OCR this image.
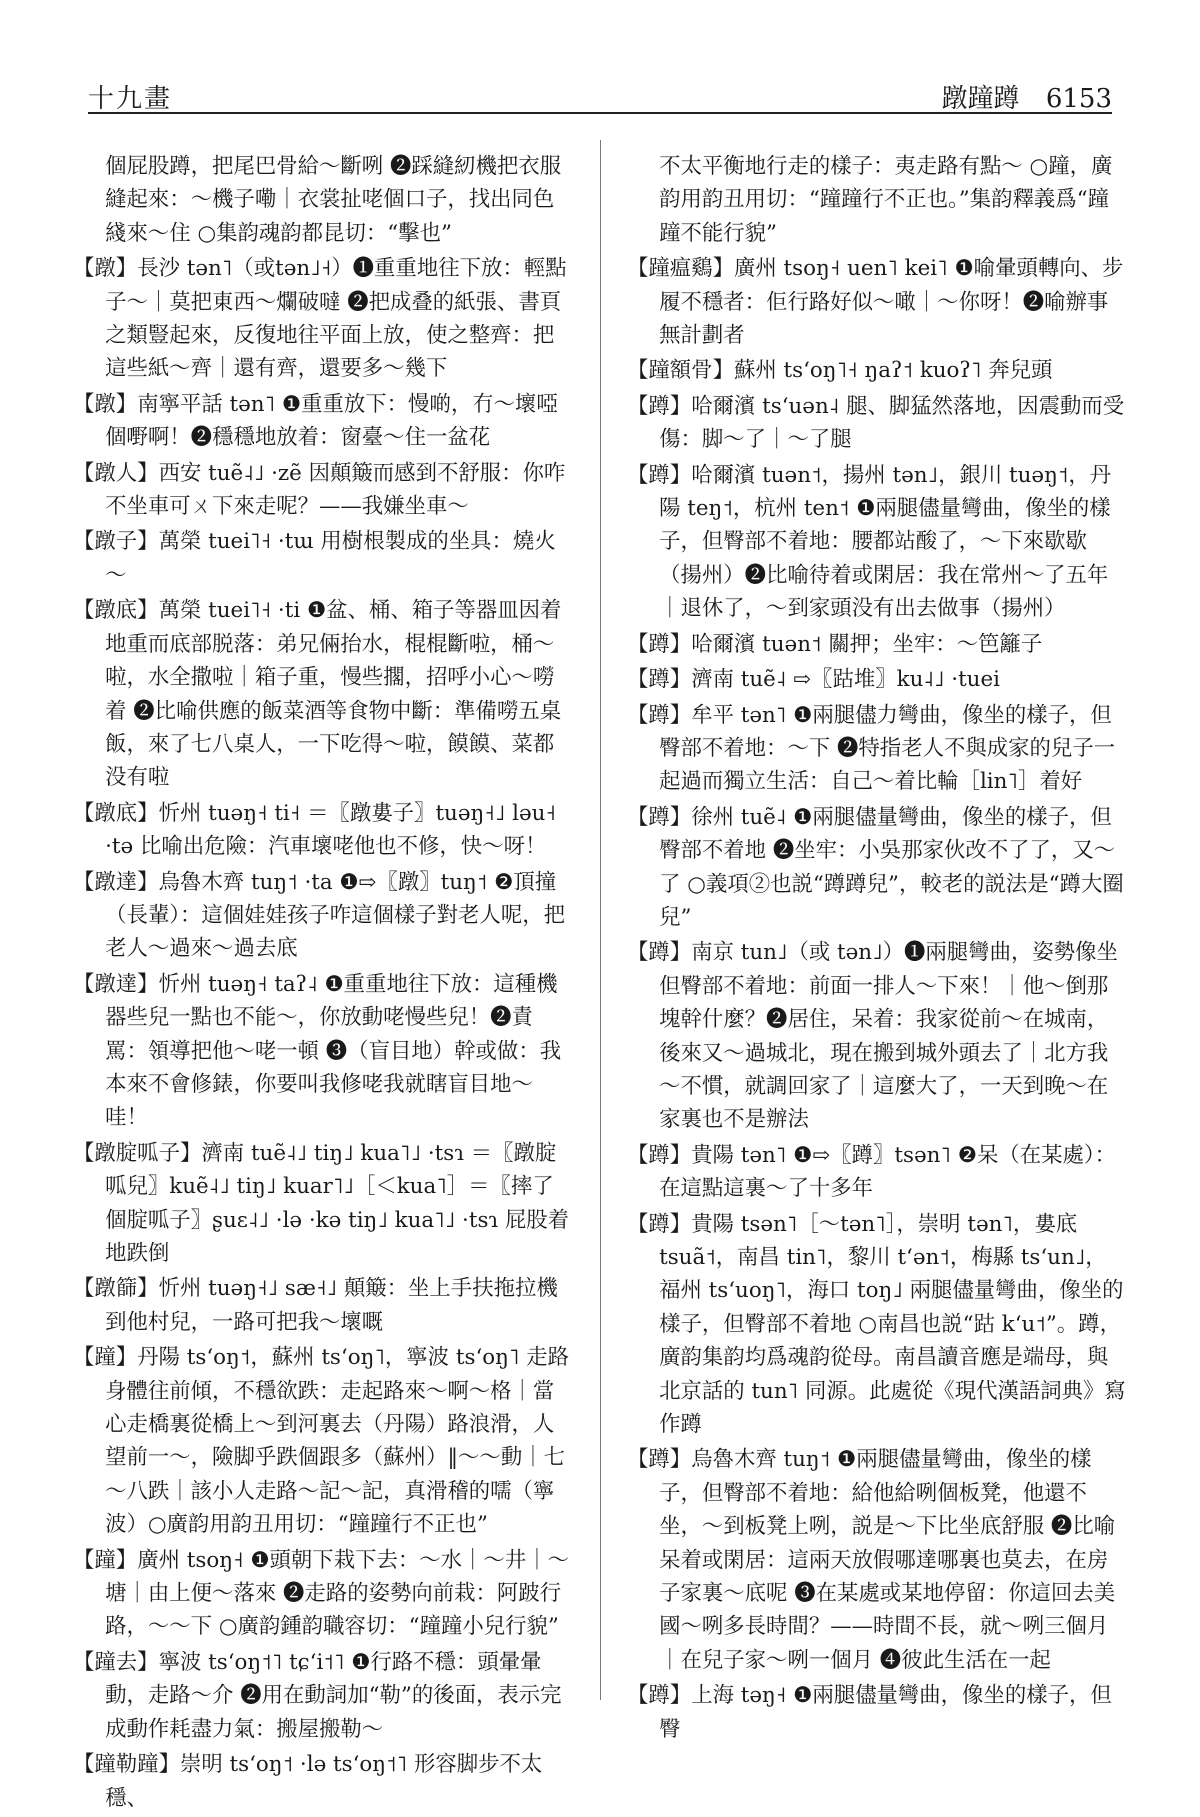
十九畫	蹾蹱蹲 6153

個屁股蹲，把尾巴骨給～斷咧 ❷踩縫紉機把衣服縫起來：～機子嘞｜衣裳扯咾個口子，找出同色綫來～住 ○集韵魂韵都昆切：“擊也”

【蹾】長沙 tən˥（或tən˩˧）❶重重地往下放：輕點子～｜莫把東西～爛破噠 ❷把成叠的紙張、書頁之類豎起來，反復地往平面上放，使之整齊：把這些紙～齊｜還有齊，還要多～幾下

【蹾】南寧平話 tən˥ ❶重重放下：慢啲，冇～壞啞個嘢啊！❷穩穩地放着：窗臺～住一盆花

【蹾人】西安 tuẽ˨˩ ·zẽ 因顛簸而感到不舒服：你咋不坐車可ㄨ下來走呢？——我嫌坐車～

【蹾子】萬榮 tuei˥˧ ·tɯ 用樹根製成的坐具：燒火～

【蹾底】萬榮 tuei˥˧ ·ti ❶盆、桶、箱子等器皿因着地重而底部脱落：弟兄倆抬水，棍棍斷啦，桶～啦，水全撒啦｜箱子重，慢些擱，招呼小心～嘮着 ❷比喻供應的飯菜酒等食物中斷：準備嘮五桌飯，來了七八桌人，一下吃得～啦，饃饃、菜都没有啦

【蹾底】忻州 tuəŋ˧ ti˧ ＝〖蹾婁子〗tuəŋ˧˩ ləu˧ ·tə 比喻出危險：汽車壞咾他也不修，快～呀！

【蹾達】烏魯木齊 tuŋ˦ ·ta ❶⇨〖蹾〗tuŋ˦ ❷頂撞（長輩）：這個娃娃孩子咋這個樣子對老人呢，把老人～過來～過去底

【蹾達】忻州 tuəŋ˧ taʔ˨ ❶重重地往下放：這種機器些兒一點也不能～，你放動咾慢些兒！❷責罵：領導把他～咾一頓 ❸（盲目地）幹或做：我本來不會修錶，你要叫我修咾我就瞎盲目地～哇！

【蹾腚呱子】濟南 tuẽ˨˩ tiŋ˩ kua˥˩ ·tsɿ ＝〖蹾腚呱兒〗kuẽ˨˩ tiŋ˩ kuar˥˩［＜kua˥］＝〖摔了個腚呱子〗ʂuɛ˨˩ ·lə ·kə tiŋ˩ kua˥˩ ·tsɿ 屁股着地跌倒

【蹾篩】忻州 tuəŋ˧˩ sæ˧˩ 顛簸：坐上手扶拖拉機到他村兒，一路可把我～壞嘅

【蹱】丹陽 tsʻoŋ˦，蘇州 tsʻoŋ˥，寧波 tsʻoŋ˥ 走路身體往前傾，不穩欲跌：走起路來～啊～格｜當心走橋裏從橋上～到河裏去（丹陽）路浪滑，人望前一～，險脚乎跌個跟多（蘇州）‖～～動｜七～八跌｜該小人走路～記～記，真滑稽的嚅（寧波）○廣韵用韵丑用切：“蹱蹱行不正也”

【蹱】廣州 tsoŋ˧ ❶頭朝下栽下去：～水｜～井｜～塘｜由上便～落來 ❷走路的姿勢向前栽：阿跛行路，～～下 ○廣韵鍾韵職容切：“蹱蹱小兒行貌”

【蹱去】寧波 tsʻoŋ˦˥ tɕʻi˦˥ ❶行路不穩：頭暈暈動，走路～介 ❷用在動詞加“勒”的後面，表示完成動作耗盡力氣：搬屋搬勒～

【蹱勒蹱】崇明 tsʻoŋ˦ ·lə tsʻoŋ˦˥ 形容脚步不太穩、

不太平衡地行走的樣子：夷走路有點～ ○蹱，廣韵用韵丑用切：“蹱蹱行不正也。”集韵釋義爲“蹱蹱不能行貌”

【蹱瘟鷄】廣州 tsoŋ˧ uen˥ kei˥ ❶喻暈頭轉向、步履不穩者：佢行路好似～噉｜～你呀！❷喻辦事無計劃者

【蹱額骨】蘇州 tsʻoŋ˥˧ ŋaʔ˦ kuoʔ˥ 奔兒頭

【蹲】哈爾濱 tsʻuən˨ 腿、脚猛然落地，因震動而受傷：脚～了｜～了腿

【蹲】哈爾濱 tuən˦，揚州 tən˩，銀川 tuəŋ˦，丹陽 teŋ˦，杭州 ten˦ ❶兩腿儘量彎曲，像坐的樣子，但臀部不着地：腰都站酸了，～下來歇歇（揚州）❷比喻待着或閑居：我在常州～了五年｜退休了，～到家頭没有出去做事（揚州）

【蹲】哈爾濱 tuən˦ 關押；坐牢：～笆籬子

【蹲】濟南 tuẽ˨ ⇨〖跍堆〗ku˨˩ ·tuei

【蹲】牟平 tən˥ ❶兩腿儘力彎曲，像坐的樣子，但臀部不着地：～下 ❷特指老人不與成家的兒子一起過而獨立生活：自己～着比輪［lin˥］着好

【蹲】徐州 tuẽ˨ ❶兩腿儘量彎曲，像坐的樣子，但臀部不着地 ❷坐牢：小吳那家伙改不了了，又～了 ○義項②也説“蹲蹲兒”，較老的説法是“蹲大圈兒”

【蹲】南京 tun˩（或 tən˩）❶兩腿彎曲，姿勢像坐但臀部不着地：前面一排人～下來！｜他～倒那塊幹什麼？❷居住，呆着：我家從前～在城南，後來又～過城北，現在搬到城外頭去了｜北方我～不慣，就調回家了｜這麼大了，一天到晚～在家裏也不是辦法

【蹲】貴陽 tən˥ ❶⇨〖蹲〗tsən˥ ❷呆（在某處）：在這點這裏～了十多年

【蹲】貴陽 tsən˥［～tən˥］，崇明 tən˥，婁底 tsuã˦，南昌 tin˥，黎川 tʻən˦，梅縣 tsʻun˩，福州 tsʻuoŋ˥，海口 toŋ˩ 兩腿儘量彎曲，像坐的樣子，但臀部不着地 ○南昌也説“跍 kʻu˦”。蹲，廣韵集韵均爲魂韵從母。南昌讀音應是端母，與北京話的 tun˥ 同源。此處從《現代漢語詞典》寫作蹲

【蹲】烏魯木齊 tuŋ˦ ❶兩腿儘量彎曲，像坐的樣子，但臀部不着地：給他給咧個板凳，他還不坐，～到板凳上咧，説是～下比坐底舒服 ❷比喻呆着或閑居：這兩天放假哪達哪裏也莫去，在房子家裏～底呢 ❸在某處或某地停留：你這回去美國～咧多長時間？——時間不長，就～咧三個月｜在兒子家～咧一個月 ❹彼此生活在一起

【蹲】上海 təŋ˧ ❶兩腿儘量彎曲，像坐的樣子，但臀
